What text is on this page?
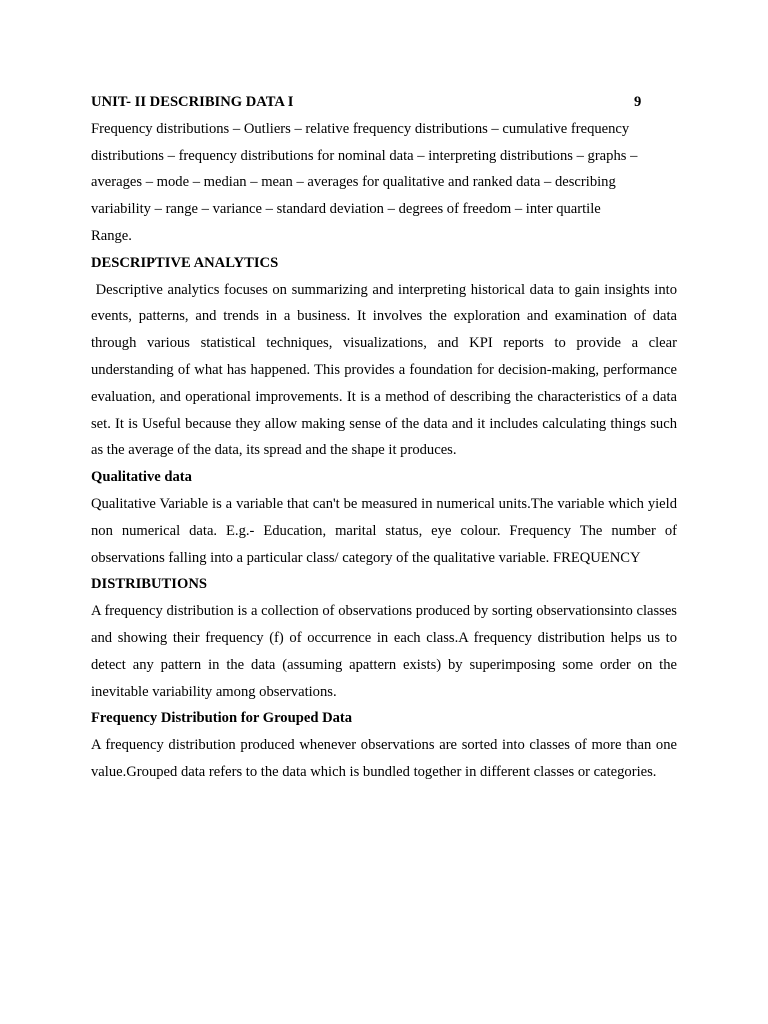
UNIT- II DESCRIBING DATA I	9
Frequency distributions – Outliers – relative frequency distributions – cumulative frequency
distributions – frequency distributions for nominal data – interpreting distributions – graphs –
averages – mode – median – mean – averages for qualitative and ranked data – describing
variability – range – variance – standard deviation – degrees of freedom – inter quartile
Range.
DESCRIPTIVE ANALYTICS

Descriptive analytics focuses on summarizing and interpreting historical data to gain insights into events, patterns, and trends in a business. It involves the exploration and examination of data through various statistical techniques, visualizations, and KPI reports to provide a clear understanding of what has happened. This provides a foundation for decision-making, performance evaluation, and operational improvements. It is a method of describing the characteristics of a data set. It is Useful because they allow making sense of the data and it includes calculating things such as the average of the data, its spread and the shape it produces.

Qualitative data

Qualitative Variable is a variable that can't be measured in numerical units.The variable which yield non numerical data. E.g.- Education, marital status, eye colour. Frequency The number of observations falling into a particular class/ category of the qualitative variable. FREQUENCY

DISTRIBUTIONS

A frequency distribution is a collection of observations produced by sorting observationsinto classes and showing their frequency (f) of occurrence in each class.A frequency distribution helps us to detect any pattern in the data (assuming apattern exists) by superimposing some order on the inevitable variability among observations.

Frequency Distribution for Grouped Data

A frequency distribution produced whenever observations are sorted into classes of more than one value.Grouped data refers to the data which is bundled together in different classes or categories.
